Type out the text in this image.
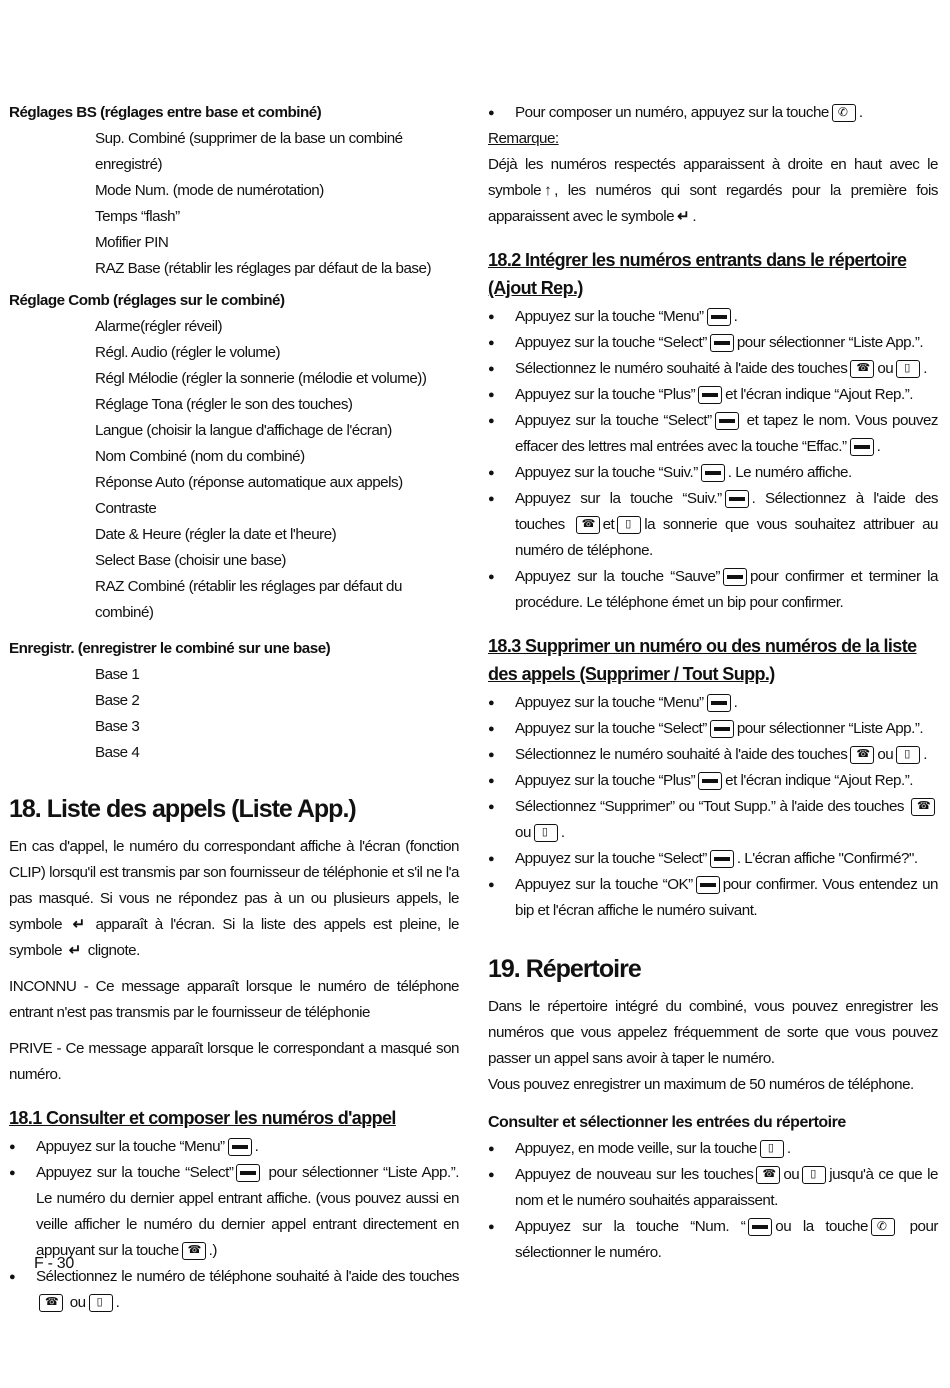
Réglages BS (réglages entre base et combiné)
Sup. Combiné (supprimer de la base un combiné enregistré)
Mode Num. (mode de numérotation)
Temps “flash”
Mofifier PIN
RAZ Base (rétablir les réglages par défaut de la base)
Réglage Comb (réglages sur le combiné)
Alarme(régler réveil)
Régl. Audio (régler le volume)
Régl Mélodie (régler la sonnerie (mélodie et volume))
Réglage Tona (régler le son des touches)
Langue (choisir la langue d'affichage de l'écran)
Nom Combiné (nom du combiné)
Réponse Auto (réponse automatique aux appels)
Contraste
Date & Heure (régler la date et l'heure)
Select Base (choisir une base)
RAZ Combiné (rétablir les réglages par défaut du combiné)
Enregistr. (enregistrer le combiné sur une base)
Base 1
Base 2
Base 3
Base 4
18. Liste des appels (Liste App.)

En cas d'appel, le numéro du correspondant affiche à l'écran (fonction CLIP) lorsqu'il est transmis par son fournisseur de téléphonie et s'il ne l'a pas masqué. Si vous ne répondez pas à un ou plusieurs appels, le symbole ↵ apparaît à l'écran. Si la liste des appels est pleine, le symbole ↵ clignote.

INCONNU - Ce message apparaît lorsque le numéro de téléphone entrant n'est pas transmis par le fournisseur de téléphonie

PRIVE - Ce message apparaît lorsque le correspondant a masqué son numéro.

18.1 Consulter et composer les numéros d'appel
● Appuyez sur la touche “Menu” .
● Appuyez sur la touche “Select” pour sélectionner “Liste App.”. Le numéro du dernier appel entrant affiche. (vous pouvez aussi en veille afficher le numéro du dernier appel entrant directement en appuyant sur la touche ☎ .)
● Sélectionnez le numéro de téléphone souhaité à l'aide des touches☎ ou ▯ .
F - 30
● Pour composer un numéro, appuyez sur la touche ✆ .
Remarque:

Déjà les numéros respectés apparaissent à droite en haut avec le symbole ↑ , les numéros qui sont regardés pour la première fois apparaissent avec le symbole ↵ .

18.2 Intégrer les numéros entrants dans le répertoire (Ajout Rep.)
● Appuyez sur la touche “Menu” .
● Appuyez sur la touche “Select” pour sélectionner “Liste App.”.
● Sélectionnez le numéro souhaité à l'aide des touches ☎ ou ▯ .
● Appuyez sur la touche “Plus” et l'écran indique “Ajout Rep.”.
● Appuyez sur la touche “Select” et tapez le nom. Vous pouvez effacer des lettres mal entrées avec la touche “Effac.” .
● Appuyez sur la touche “Suiv.” . Le numéro affiche.
● Appuyez sur la touche “Suiv.” . Sélectionnez à l'aide des touches ☎ et ▯ la sonnerie que vous souhaitez attribuer au numéro de téléphone.
● Appuyez sur la touche “Sauve” pour confirmer et terminer la procédure. Le téléphone émet un bip pour confirmer.
18.3 Supprimer un numéro ou des numéros de la liste des appels (Supprimer / Tout Supp.)
● Appuyez sur la touche “Menu” .
● Appuyez sur la touche “Select” pour sélectionner “Liste App.”.
● Sélectionnez le numéro souhaité à l'aide des touches ☎ ou ▯ .
● Appuyez sur la touche “Plus” et l'écran indique “Ajout Rep.”.
● Sélectionnez “Supprimer” ou “Tout Supp.” à l'aide des touches ☎ou ▯ .
● Appuyez sur la touche “Select” . L'écran affiche "Confirmé?".
● Appuyez sur la touche “OK” pour confirmer. Vous entendez un bip et l'écran affiche le numéro suivant.
19. Répertoire

Dans le répertoire intégré du combiné, vous pouvez enregistrer les numéros que vous appelez fréquemment de sorte que vous pouvez passer un appel sans avoir à taper le numéro.

Vous pouvez enregistrer un maximum de 50 numéros de téléphone.

Consulter et sélectionner les entrées du répertoire
● Appuyez, en mode veille, sur la touche ▯ .
● Appuyez de nouveau sur les touches ☎ ou ▯ jusqu'à ce que le nom et le numéro souhaités apparaissent.
● Appuyez sur la touche “Num. “ ou la touche ✆	pour sélectionner le numéro.
